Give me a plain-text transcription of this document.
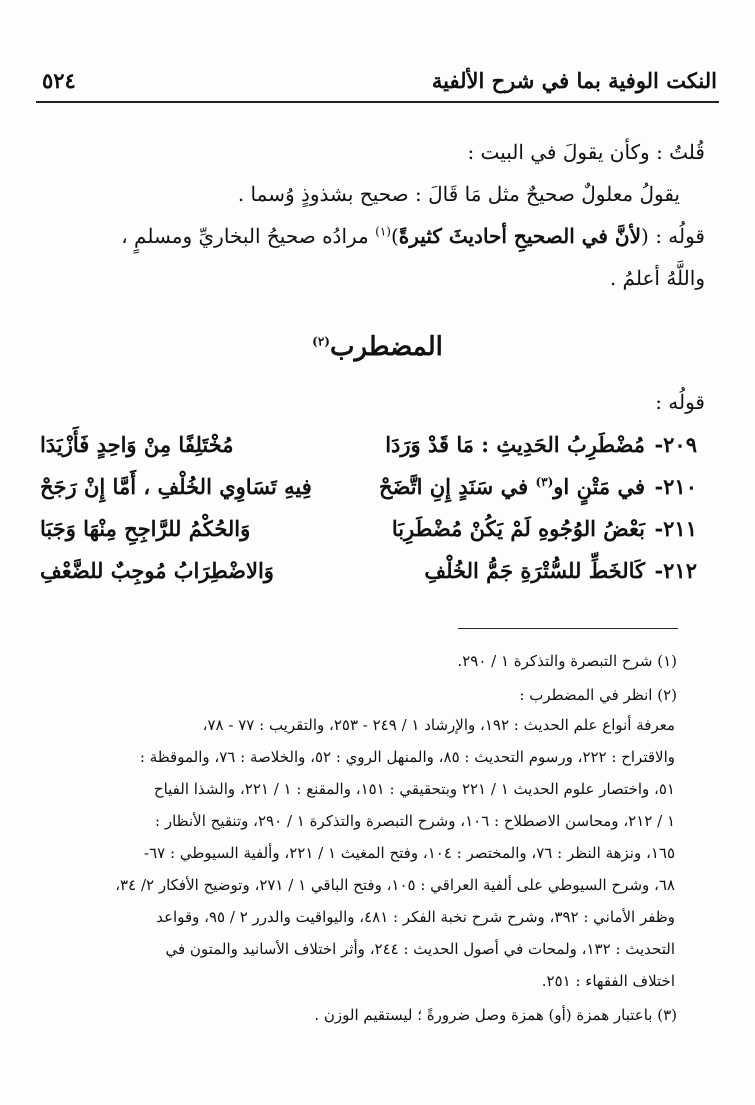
النكت الوفية بما في شرح الألفية
٥٢٤
قُلتُ : وكأن يقولَ في البيت :
يقولُ معلولٌ صحيحٌ مثل مَا قَالَ : صحيح بشذوذٍ وُسما .
قولُه : (لأنَّ في الصحيحِ أحاديثَ كثيرةً)$^{(١)}$ مرادُه صحيحُ البخاريِّ ومسلمٍ ،
واللَّهُ أعلمُ .
المضطرب$^{(٢)}$
قولُه :
٢٠٩-
مُضْطَرِبُ الحَدِيثِ : مَا قَدْ وَرَدَا
مُخْتَلِفًا مِنْ وَاحِدٍ فَأَزْيَدَا
٢١٠-
في مَتْنٍ او$^{(٣)}$ في سَنَدٍ إِنِ اتَّضَحْ
فِيهِ تَسَاوِي الخُلْفِ ، أَمَّا إِنْ رَجَحْ
٢١١-
بَعْضُ الوُجُوهِ لَمْ يَكُنْ مُضْطَرِبَا
وَالحُكْمُ للرَّاجِحِ مِنْهَا وَجَبَا
٢١٢-
كَالخَطِّ للسُّتْرَةِ جَمُّ الخُلْفِ
وَالاضْطِرَابُ مُوجِبٌ للضَّعْفِ
(١) شرح التبصرة والتذكرة ١ / ٢٩٠.
(٢) انظر في المضطرب :
معرفة أنواع علم الحديث : ١٩٢، والإرشاد ١ / ٢٤٩ - ٢٥٣، والتقريب : ٧٧ - ٧٨،
والاقتراح : ٢٢٢، ورسوم التحديث : ٨٥، والمنهل الروي : ٥٢، والخلاصة : ٧٦، والموقظة :
٥١، واختصار علوم الحديث ١ / ٢٢١ وبتحقيقي : ١٥١، والمقنع : ١ / ٢٢١، والشذا الفياح
١ / ٢١٢، ومحاسن الاصطلاح : ١٠٦، وشرح التبصرة والتذكرة ١ / ٢٩٠، وتنقيح الأنظار :
١٦٥، ونزهة النظر : ٧٦، والمختصر : ١٠٤، وفتح المغيث ١ / ٢٢١، وألفية السيوطي : ٦٧-
٦٨، وشرح السيوطي على ألفية العراقي : ١٠٥، وفتح الباقي ١ / ٢٧١، وتوضيح الأفكار ٢/ ٣٤،
وظفر الأماني : ٣٩٢، وشرح شرح نخبة الفكر : ٤٨١، واليواقيت والدرر ٢ / ٩٥، وقواعد
التحديث : ١٣٢، ولمحات في أصول الحديث : ٢٤٤، وأثر اختلاف الأسانيد والمتون في
اختلاف الفقهاء : ٢٥١.
(٣) باعتبار همزة (أو) همزة وصل ضرورةً ؛ ليستقيم الوزن .
